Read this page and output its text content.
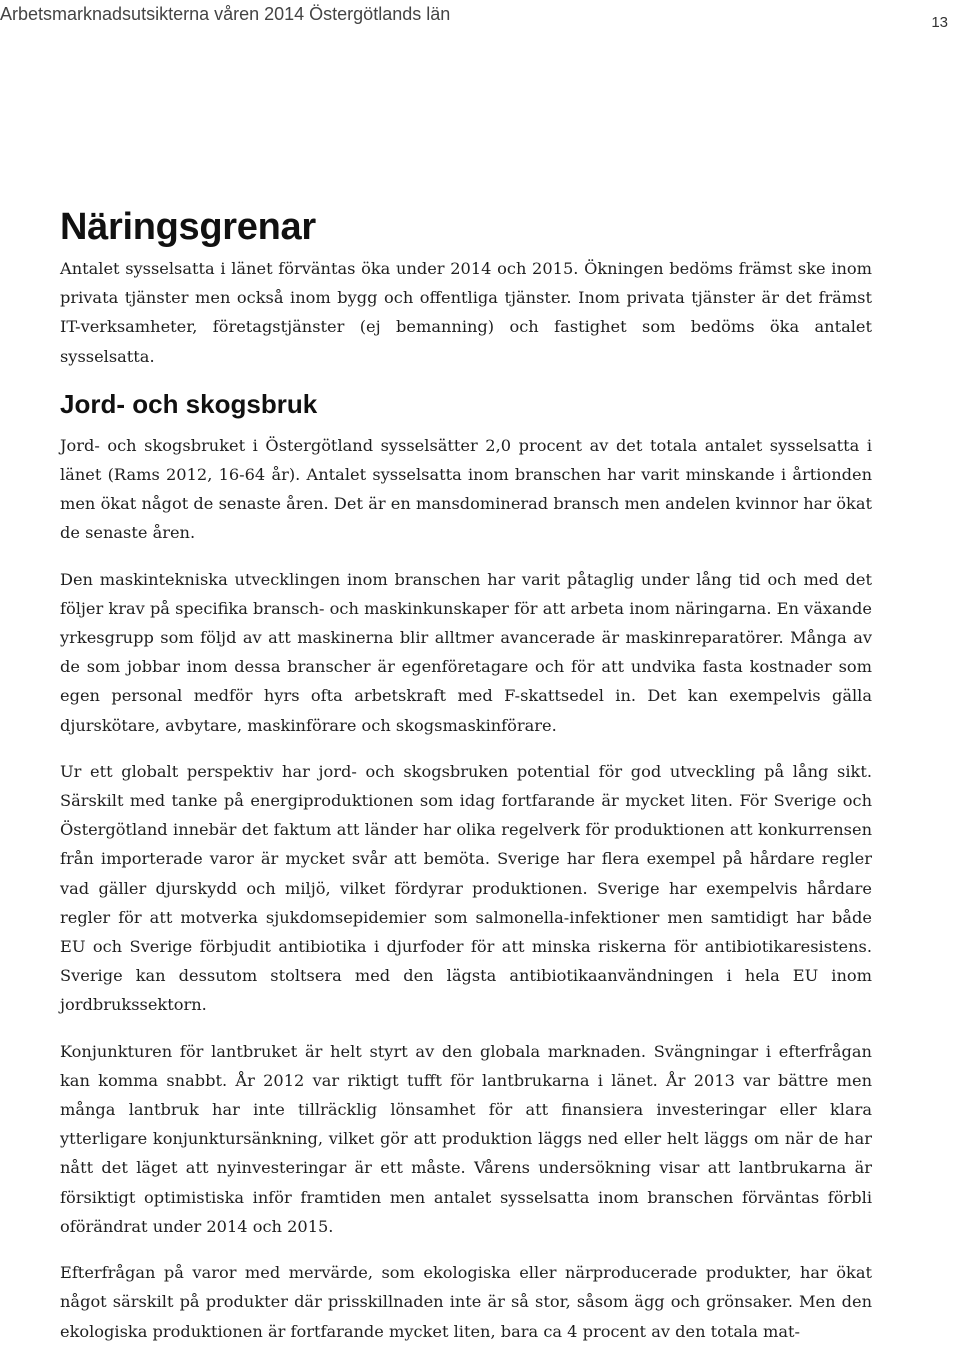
Arbetsmarknadsutsikterna våren 2014 Östergötlands län	13
Näringsgrenar

Antalet sysselsatta i länet förväntas öka under 2014 och 2015. Ökningen bedöms främst ske inom privata tjänster men också inom bygg och offentliga tjänster. Inom privata tjänster är det främst IT-verksamheter, företagstjänster (ej bemanning) och fastighet som bedöms öka antalet sysselsatta.

Jord- och skogsbruk

Jord- och skogsbruket i Östergötland sysselsätter 2,0 procent av det totala antalet sysselsatta i länet (Rams 2012, 16-64 år). Antalet sysselsatta inom branschen har varit minskande i årtionden men ökat något de senaste åren. Det är en mansdominerad bransch men andelen kvinnor har ökat de senaste åren.

Den maskintekniska utvecklingen inom branschen har varit påtaglig under lång tid och med det följer krav på specifika bransch- och maskinkunskaper för att arbeta inom näringarna. En växande yrkesgrupp som följd av att maskinerna blir alltmer avancerade är maskinreparatörer. Många av de som jobbar inom dessa branscher är egenföretagare och för att undvika fasta kostnader som egen personal medför hyrs ofta arbetskraft med F-skattsedel in. Det kan exempelvis gälla djurskötare, avbytare, maskinförare och skogsmaskinförare.

Ur ett globalt perspektiv har jord- och skogsbruken potential för god utveckling på lång sikt. Särskilt med tanke på energiproduktionen som idag fortfarande är mycket liten. För Sverige och Östergötland innebär det faktum att länder har olika regelverk för produktionen att konkurrensen från importerade varor är mycket svår att bemöta. Sverige har flera exempel på hårdare regler vad gäller djurskydd och miljö, vilket fördyrar produktionen. Sverige har exempelvis hårdare regler för att motverka sjukdomsepidemier som salmonella-infektioner men samtidigt har både EU och Sverige förbjudit antibiotika i djurfoder för att minska riskerna för antibiotikaresistens. Sverige kan dessutom stoltsera med den lägsta antibiotikaanvändningen i hela EU inom jordbrukssektorn.

Konjunkturen för lantbruket är helt styrt av den globala marknaden. Svängningar i efterfrågan kan komma snabbt. År 2012 var riktigt tufft för lantbrukarna i länet. År 2013 var bättre men många lantbruk har inte tillräcklig lönsamhet för att finansiera investeringar eller klara ytterligare konjunktursänkning, vilket gör att produktion läggs ned eller helt läggs om när de har nått det läget att nyinvesteringar är ett måste. Vårens undersökning visar att lantbrukarna är försiktigt optimistiska inför framtiden men antalet sysselsatta inom branschen förväntas förbli oförändrat under 2014 och 2015.

Efterfrågan på varor med mervärde, som ekologiska eller närproducerade produkter, har ökat något särskilt på produkter där prisskillnaden inte är så stor, såsom ägg och grönsaker. Men den ekologiska produktionen är fortfarande mycket liten, bara ca 4 procent av den totala mat-
